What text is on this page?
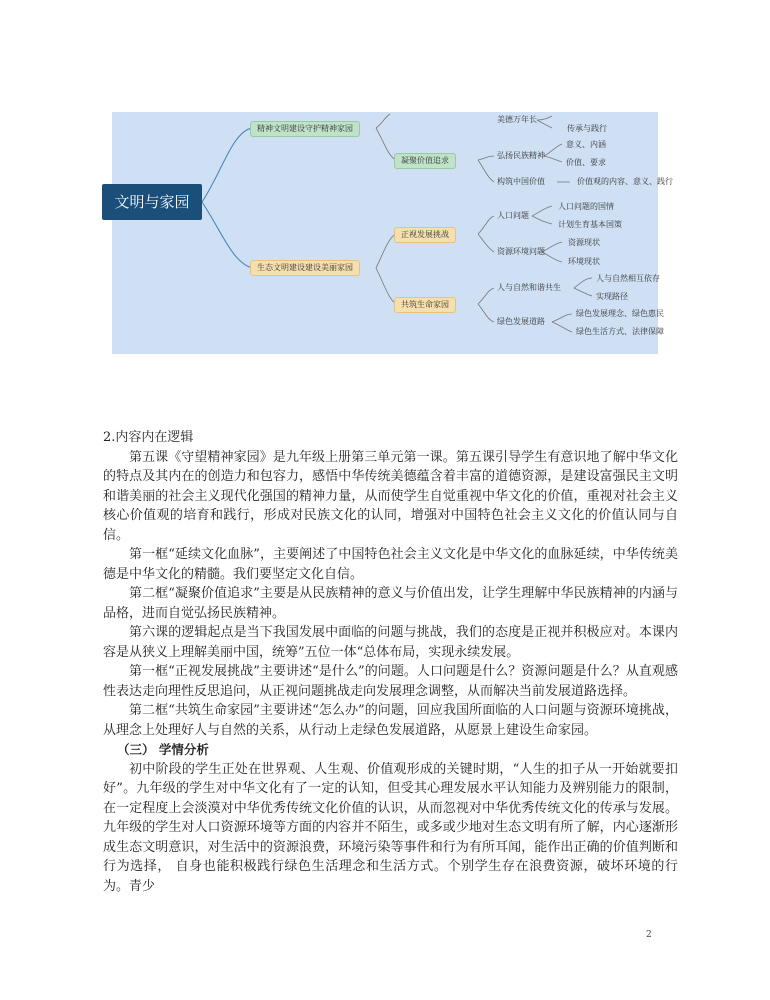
文明与家园
精神文明建设守护精神家园
生态文明建设建设美丽家园
凝聚价值追求
正视发展挑战
共筑生命家园
美德万年长
传承与践行
弘扬民族精神
意义、内涵
价值、要求
构筑中国价值	价值观的内容、意义、践行
人口问题
人口问题的国情
计划生育基本国策
资源环境问题
资源现状
环境现状
人与自然和谐共生
人与自然相互依存
实现路径
绿色发展道路
绿色发展理念、绿色惠民
绿色生活方式、法律保障

2.内容内在逻辑

第五课《守望精神家园》是九年级上册第三单元第一课。第五课引导学生有意识地了解中华文化的特点及其内在的创造力和包容力，感悟中华传统美德蕴含着丰富的道德资源，是建设富强民主文明和谐美丽的社会主义现代化强国的精神力量，从而使学生自觉重视中华文化的价值，重视对社会主义核心价值观的培育和践行，形成对民族文化的认同，增强对中国特色社会主义文化的价值认同与自信。

第一框“延续文化血脉”，主要阐述了中国特色社会主义文化是中华文化的血脉延续，中华传统美德是中华文化的精髓。我们要坚定文化自信。

第二框“凝聚价值追求”主要是从民族精神的意义与价值出发，让学生理解中华民族精神的内涵与品格，进而自觉弘扬民族精神。

第六课的逻辑起点是当下我国发展中面临的问题与挑战，我们的态度是正视并积极应对。本课内容是从狭义上理解美丽中国，统筹”五位一体“总体布局，实现永续发展。

第一框“正视发展挑战”主要讲述“是什么”的问题。人口问题是什么？资源问题是什么？从直观感性表达走向理性反思追问，从正视问题挑战走向发展理念调整，从而解决当前发展道路选择。

第二框“共筑生命家园”主要讲述“怎么办”的问题，回应我国所面临的人口问题与资源环境挑战，从理念上处理好人与自然的关系，从行动上走绿色发展道路，从愿景上建设生命家园。

（三） 学情分析

初中阶段的学生正处在世界观、人生观、价值观形成的关键时期，“人生的扣子从一开始就要扣好”。九年级的学生对中华文化有了一定的认知，但受其心理发展水平认知能力及辨别能力的限制，在一定程度上会淡漠对中华优秀传统文化价值的认识，从而忽视对中华优秀传统文化的传承与发展。九年级的学生对人口资源环境等方面的内容并不陌生，或多或少地对生态文明有所了解，内心逐渐形成生态文明意识，对生活中的资源浪费，环境污染等事件和行为有所耳闻，能作出正确的价值判断和行为选择， 自身也能积极践行绿色生活理念和生活方式。个别学生存在浪费资源，破坏环境的行为。青少

2
